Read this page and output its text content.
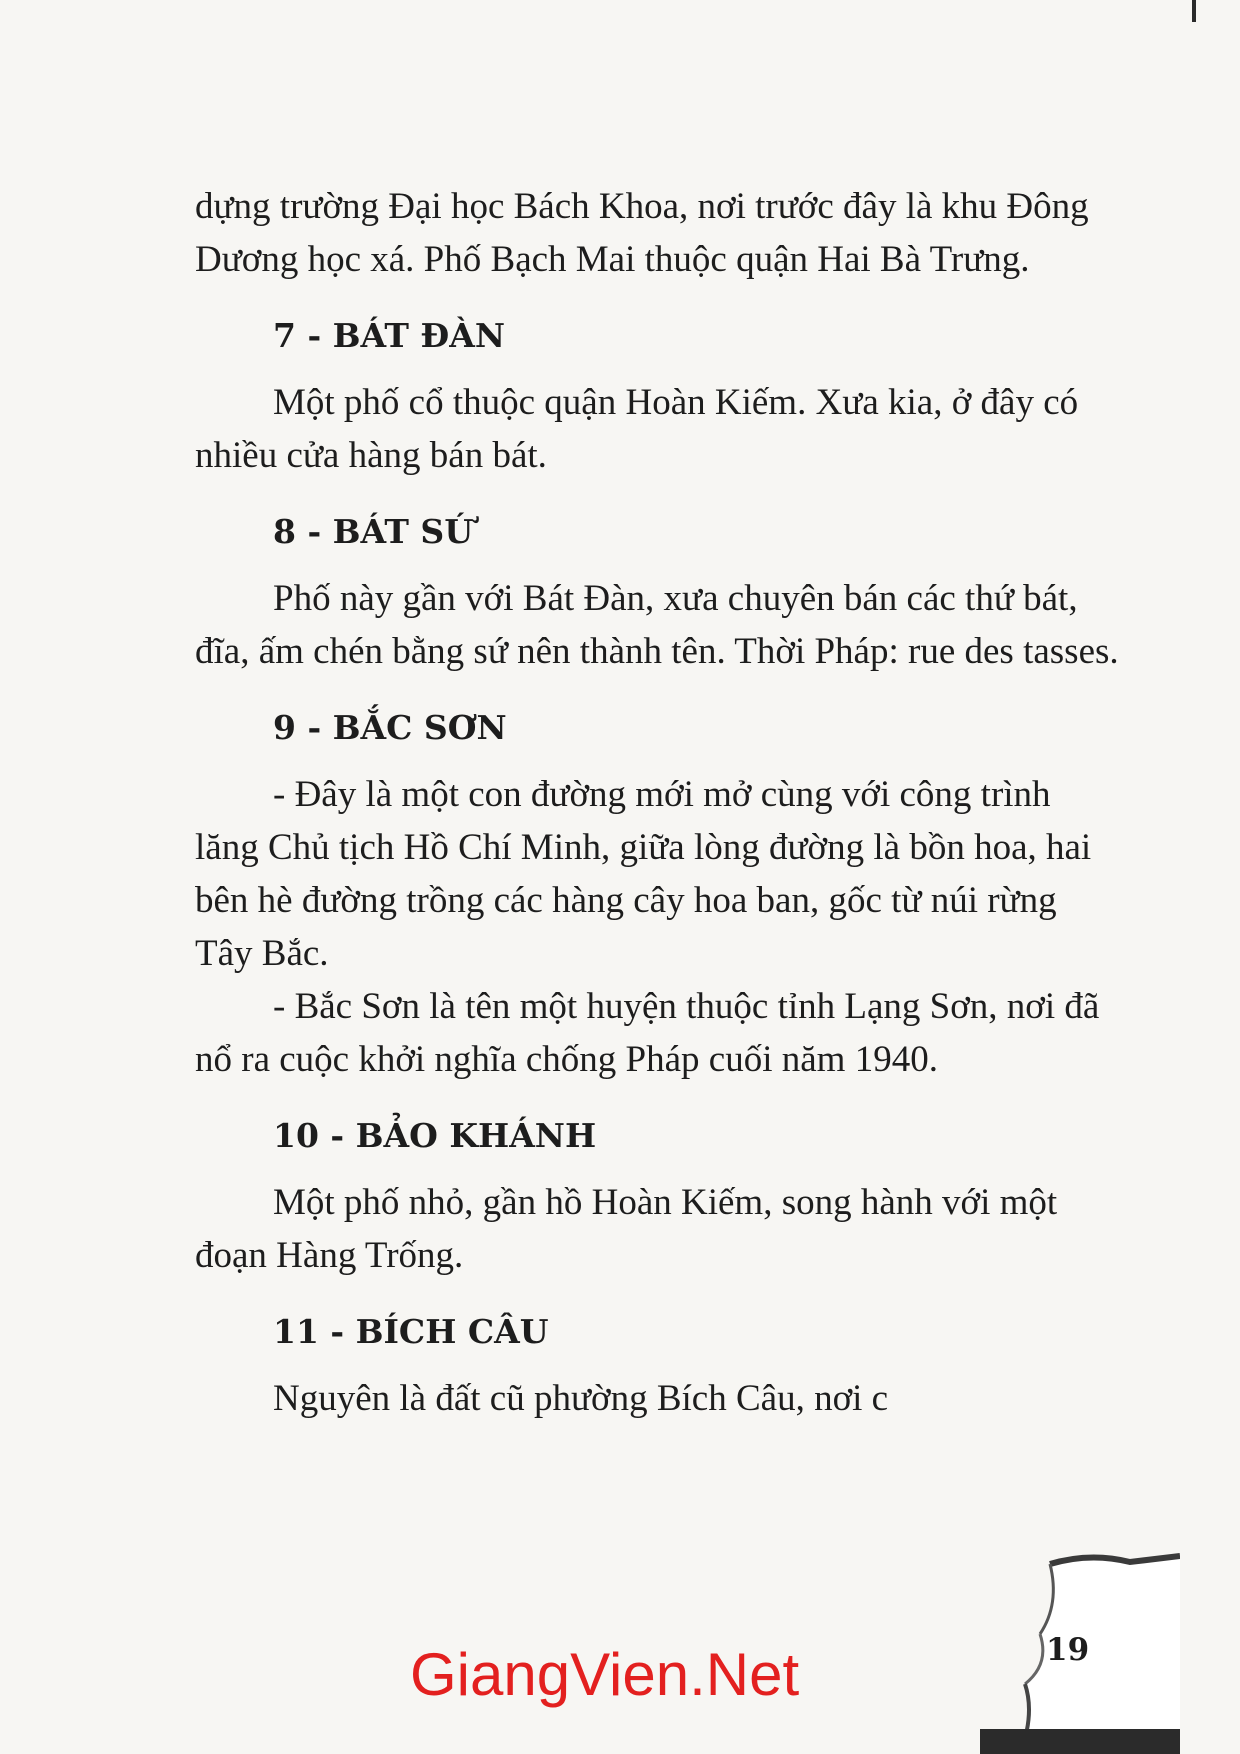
dựng trường Đại học Bách Khoa, nơi trước đây là khu Đông Dương học xá. Phố Bạch Mai thuộc quận Hai Bà Trưng.

7 - BÁT ĐÀN

Một phố cổ thuộc quận Hoàn Kiếm. Xưa kia, ở đây có nhiều cửa hàng bán bát.

8 - BÁT SỨ

Phố này gần với Bát Đàn, xưa chuyên bán các thứ bát, đĩa, ấm chén bằng sứ nên thành tên. Thời Pháp: rue des tasses.

9 - BẮC SƠN

- Đây là một con đường mới mở cùng với công trình lăng Chủ tịch Hồ Chí Minh, giữa lòng đường là bồn hoa, hai bên hè đường trồng các hàng cây hoa ban, gốc từ núi rừng Tây Bắc.

- Bắc Sơn là tên một huyện thuộc tỉnh Lạng Sơn, nơi đã nổ ra cuộc khởi nghĩa chống Pháp cuối năm 1940.

10 - BẢO KHÁNH

Một phố nhỏ, gần hồ Hoàn Kiếm, song hành với một đoạn Hàng Trống.

11 - BÍCH CÂU

Nguyên là đất cũ phường Bích Câu, nơi c

19
GiangVien.Net
